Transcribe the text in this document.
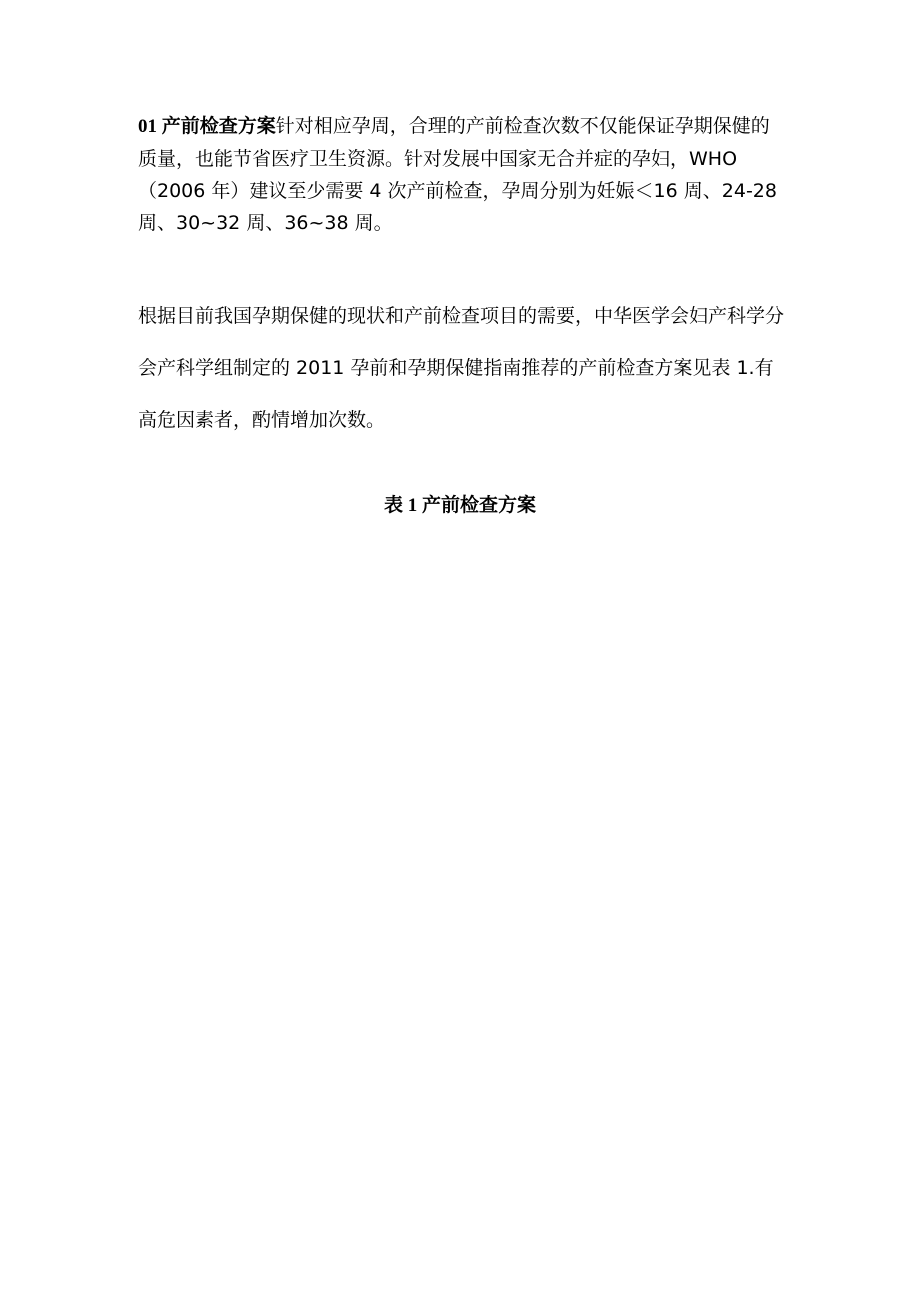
01 产前检查方案针对相应孕周，合理的产前检查次数不仅能保证孕期保健的质量，也能节省医疗卫生资源。针对发展中国家无合并症的孕妇，WHO（2006 年）建议至少需要 4 次产前检查，孕周分别为妊娠＜16 周、24-28 周、30~32 周、36~38 周。

根据目前我国孕期保健的现状和产前检查项目的需要，中华医学会妇产科学分会产科学组制定的 2011 孕前和孕期保健指南推荐的产前检查方案见表 1.有高危因素者，酌情增加次数。

表 1 产前检查方案
